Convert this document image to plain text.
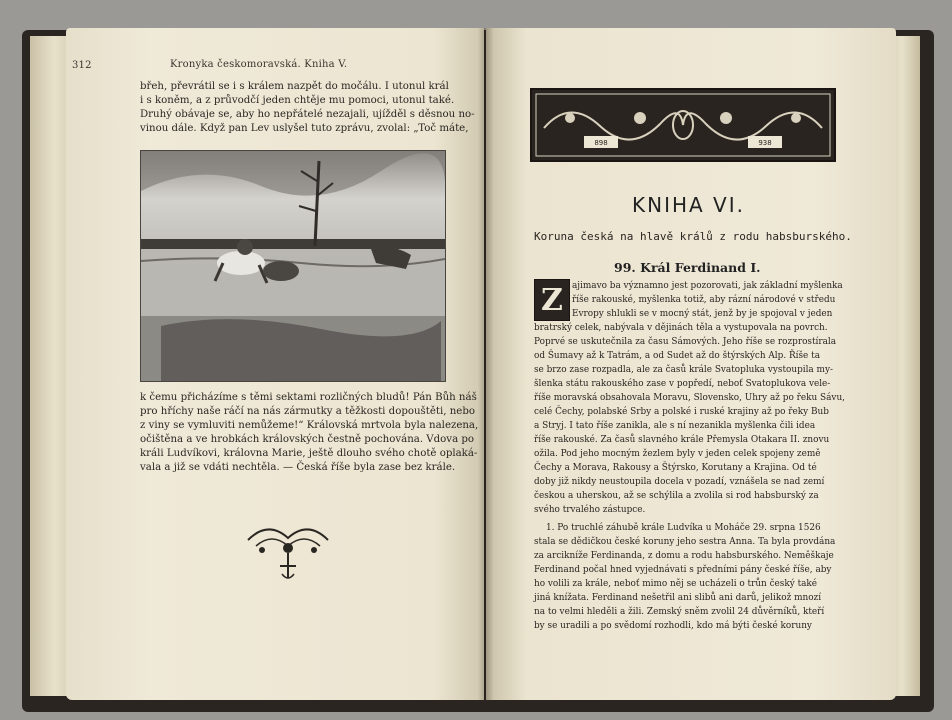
312	Kronyka českomoravská. Kniha V.
břeh, převrátil se i s králem nazpět do močálu. I utonul král
i s koněm, a z průvodčí jeden chtěje mu pomoci, utonul také.
Druhý obávaje se, aby ho nepřátelé nezajali, ujížděl s děsnou no-
vinou dále. Když pan Lev uslyšel tuto zprávu, zvolal: „Toč máte,
k čemu přicházíme s těmi sektami rozličných bludů! Pán Bůh náš
pro hříchy naše ráčí na nás zármutky a těžkosti dopouštěti, nebo
z viny se vymluviti nemůžeme!“ Královská mrtvola byla nalezena,
očištěna a ve hrobkách královských čestně pochována. Vdova po
králi Ludvíkovi, královna Marie, ještě dlouho svého chotě oplaká-
vala a již se vdáti nechtěla. — Česká říše byla zase bez krále.
898	938
KNIHA VI.
Koruna česká na hlavě králů z rodu habsburského.
99. Král Ferdinand I.
Z	ajimavo ba významno jest pozorovati, jak základní myšlenka
říše rakouské, myšlenka totiž, aby rázní národové v středu
Evropy shlukli se v mocný stát, jenž by je spojoval v jeden
bratrský celek, nabývala v dějinách těla a vystupovala na povrch.
Poprvé se uskutečnila za času Sámových. Jeho říše se rozprostírala
od Šumavy až k Tatrám, a od Sudet až do štýrských Alp. Říše ta
se brzo zase rozpadla, ale za časů krále Svatopluka vystoupila my-
šlenka státu rakouského zase v popředí, neboť Svatoplukova vele-
říše moravská obsahovala Moravu, Slovensko, Uhry až po řeku Sávu,
celé Čechy, polabské Srby a polské i ruské krajiny až po řeky Bub
a Stryj. I tato říše zanikla, ale s ní nezanikla myšlenka čili idea
říše rakouské. Za časů slavného krále Přemysla Otakara II. znovu
ožila. Pod jeho mocným žezlem byly v jeden celek spojeny země
Čechy a Morava, Rakousy a Štýrsko, Korutany a Krajina. Od té
doby již nikdy neustoupila docela v pozadí, vznášela se nad zemí
českou a uherskou, až se schýlila a zvolila si rod habsburský za
svého trvalého zástupce.
1. Po truchlé záhubě krále Ludvíka u Moháče 29. srpna 1526
stala se dědičkou české koruny jeho sestra Anna. Ta byla provdána
za arcikníže Ferdinanda, z domu a rodu habsburského. Neměškaje
Ferdinand počal hned vyjednávati s předními pány české říše, aby
ho volili za krále, neboť mimo něj se ucházeli o trůn český také
jiná knížata. Ferdinand nešetřil ani slibů ani darů, jelikož mnozí
na to velmi hleděli a žili. Zemský sněm zvolil 24 důvěrníků, kteří
by se uradili a po svědomí rozhodli, kdo má býti české koruny
